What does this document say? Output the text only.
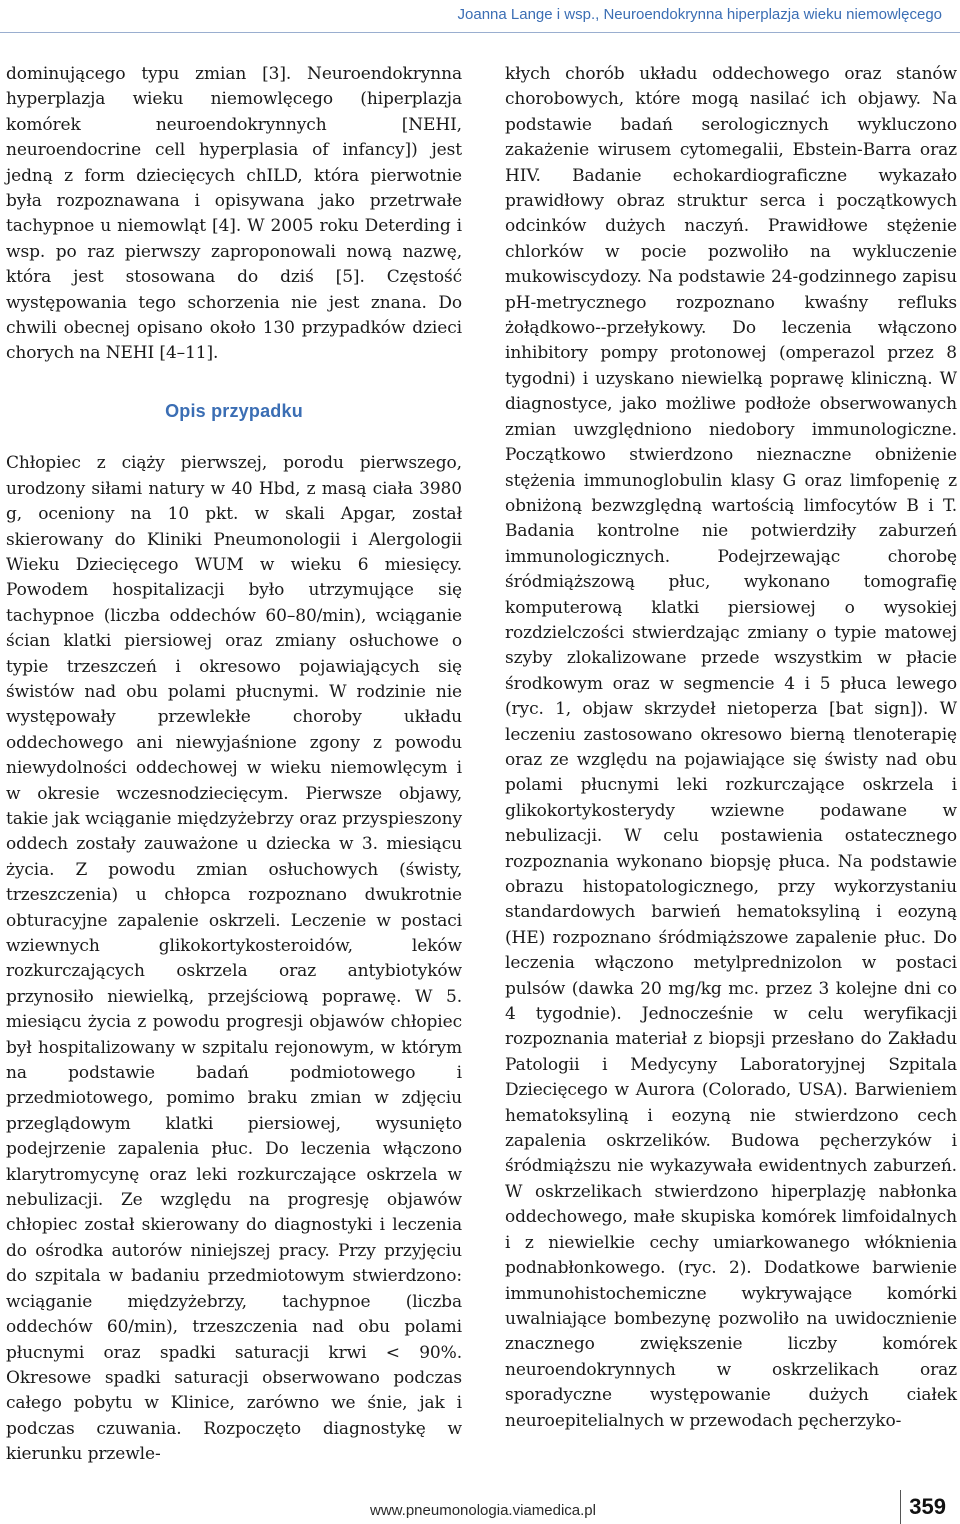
Joanna Lange i wsp., Neuroendokrynna hiperplazja wieku niemowlęcego

dominującego typu zmian [3]. Neuroendokrynna hyperplazja wieku niemowlęcego (hiperplazja komórek neuroendokrynnych [NEHI, neuroendocrine cell hyperplasia of infancy]) jest jedną z form dziecięcych chILD, która pierwotnie była rozpoznawana i opisywana jako przetrwałe tachypnoe u niemowląt [4]. W 2005 roku Deterding i wsp. po raz pierwszy zaproponowali nową nazwę, która jest stosowana do dziś [5]. Częstość występowania tego schorzenia nie jest znana. Do chwili obecnej opisano około 130 przypadków dzieci chorych na NEHI [4–11].

Opis przypadku

Chłopiec z ciąży pierwszej, porodu pierwszego, urodzony siłami natury w 40 Hbd, z masą ciała 3980 g, oceniony na 10 pkt. w skali Apgar, został skierowany do Kliniki Pneumonologii i Alergologii Wieku Dziecięcego WUM w wieku 6 miesięcy. Powodem hospitalizacji było utrzymujące się tachypnoe (liczba oddechów 60–80/min), wciąganie ścian klatki piersiowej oraz zmiany osłuchowe o typie trzeszczeń i okresowo pojawiających się świstów nad obu polami płucnymi. W rodzinie nie występowały przewlekłe choroby układu oddechowego ani niewyjaśnione zgony z powodu niewydolności oddechowej w wieku niemowlęcym i w okresie wczesnodziecięcym. Pierwsze objawy, takie jak wciąganie międzyżebrzy oraz przyspieszony oddech zostały zauważone u dziecka w 3. miesiącu życia. Z powodu zmian osłuchowych (świsty, trzeszczenia) u chłopca rozpoznano dwukrotnie obturacyjne zapalenie oskrzeli. Leczenie w postaci wziewnych glikokortykosteroidów, leków rozkurczających oskrzela oraz antybiotyków przynosiło niewielką, przejściową poprawę. W 5. miesiącu życia z powodu progresji objawów chłopiec był hospitalizowany w szpitalu rejonowym, w którym na podstawie badań podmiotowego i przedmiotowego, pomimo braku zmian w zdjęciu przeglądowym klatki piersiowej, wysunięto podejrzenie zapalenia płuc. Do leczenia włączono klarytromycynę oraz leki rozkurczające oskrzela w nebulizacji. Ze względu na progresję objawów chłopiec został skierowany do diagnostyki i leczenia do ośrodka autorów niniejszej pracy. Przy przyjęciu do szpitala w badaniu przedmiotowym stwierdzono: wciąganie międzyżebrzy, tachypnoe (liczba oddechów 60/min), trzeszczenia nad obu polami płucnymi oraz spadki saturacji krwi < 90%. Okresowe spadki saturacji obserwowano podczas całego pobytu w Klinice, zarówno we śnie, jak i podczas czuwania. Rozpoczęto diagnostykę w kierunku przewle-

kłych chorób układu oddechowego oraz stanów chorobowych, które mogą nasilać ich objawy. Na podstawie badań serologicznych wykluczono zakażenie wirusem cytomegalii, Ebstein-Barra oraz HIV. Badanie echokardiograficzne wykazało prawidłowy obraz struktur serca i początkowych odcinków dużych naczyń. Prawidłowe stężenie chlorków w pocie pozwoliło na wykluczenie mukowiscydozy. Na podstawie 24-godzinnego zapisu pH-metrycznego rozpoznano kwaśny refluks żołądkowo--przełykowy. Do leczenia włączono inhibitory pompy protonowej (omperazol przez 8 tygodni) i uzyskano niewielką poprawę kliniczną. W diagnostyce, jako możliwe podłoże obserwowanych zmian uwzględniono niedobory immunologiczne. Początkowo stwierdzono nieznaczne obniżenie stężenia immunoglobulin klasy G oraz limfopenię z obniżoną bezwzględną wartością limfocytów B i T. Badania kontrolne nie potwierdziły zaburzeń immunologicznych. Podejrzewając chorobę śródmiąższową płuc, wykonano tomografię komputerową klatki piersiowej o wysokiej rozdzielczości stwierdzając zmiany o typie matowej szyby zlokalizowane przede wszystkim w płacie środkowym oraz w segmencie 4 i 5 płuca lewego (ryc. 1, objaw skrzydeł nietoperza [bat sign]). W leczeniu zastosowano okresowo bierną tlenoterapię oraz ze względu na pojawiające się świsty nad obu polami płucnymi leki rozkurczające oskrzela i glikokortykosterydy wziewne podawane w nebulizacji. W celu postawienia ostatecznego rozpoznania wykonano biopsję płuca. Na podstawie obrazu histopatologicznego, przy wykorzystaniu standardowych barwień hematoksyliną i eozyną (HE) rozpoznano śródmiąższowe zapalenie płuc. Do leczenia włączono metylprednizolon w postaci pulsów (dawka 20 mg/kg mc. przez 3 kolejne dni co 4 tygodnie). Jednocześnie w celu weryfikacji rozpoznania materiał z biopsji przesłano do Zakładu Patologii i Medycyny Laboratoryjnej Szpitala Dziecięcego w Aurora (Colorado, USA). Barwieniem hematoksyliną i eozyną nie stwierdzono cech zapalenia oskrzelików. Budowa pęcherzyków i śródmiąższu nie wykazywała ewidentnych zaburzeń. W oskrzelikach stwierdzono hiperplazję nabłonka oddechowego, małe skupiska komórek limfoidalnych i z niewielkie cechy umiarkowanego włóknienia podnabłonkowego. (ryc. 2). Dodatkowe barwienie immunohistochemiczne wykrywające komórki uwalniające bombezynę pozwoliło na uwidocznienie znacznego zwiększenie liczby komórek neuroendokrynnych w oskrzelikach oraz sporadyczne występowanie dużych ciałek neuroepitelialnych w przewodach pęcherzyko-

www.pneumonologia.viamedica.pl	359
